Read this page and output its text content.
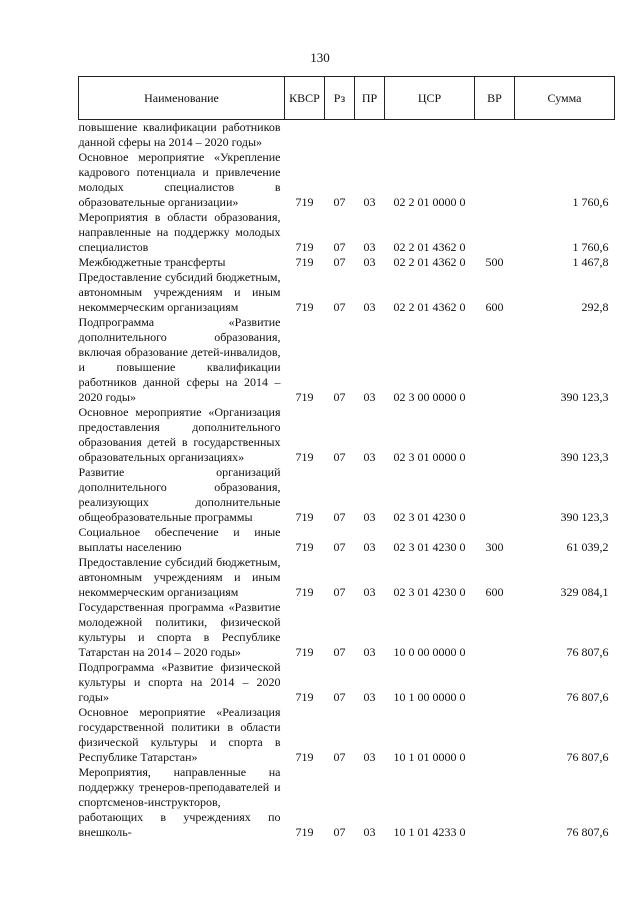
130
Наименование	КВСР	Рз	ПР	ЦСР	ВР	Сумма
повышение квалификации работников данной сферы на 2014 – 2020 годы»						
Основное мероприятие «Укрепление кадрового потенциала и привлечение молодых специалистов в образовательные организации»	719	07	03	02 2 01 0000 0		1 760,6
Мероприятия в области образования, направленные на поддержку молодых специалистов	719	07	03	02 2 01 4362 0		1 760,6
Межбюджетные трансферты	719	07	03	02 2 01 4362 0	500	1 467,8
Предоставление субсидий бюджетным, автономным учреждениям и иным некоммерческим организациям	719	07	03	02 2 01 4362 0	600	292,8
Подпрограмма «Развитие дополнительного образования, включая образование детей-инвалидов, и повышение квалификации работников данной сферы на 2014 – 2020 годы»	719	07	03	02 3 00 0000 0		390 123,3
Основное мероприятие «Организация предоставления дополнительного образования детей в государственных образовательных организациях»	719	07	03	02 3 01 0000 0		390 123,3
Развитие организаций дополнительного образования, реализующих дополнительные общеобразовательные программы	719	07	03	02 3 01 4230 0		390 123,3
Социальное обеспечение и иные выплаты населению	719	07	03	02 3 01 4230 0	300	61 039,2
Предоставление субсидий бюджетным, автономным учреждениям и иным некоммерческим организациям	719	07	03	02 3 01 4230 0	600	329 084,1
Государственная программа «Развитие молодежной политики, физической культуры и спорта в Республике Татарстан на 2014 – 2020 годы»	719	07	03	10 0 00 0000 0		76 807,6
Подпрограмма «Развитие физической культуры и спорта на 2014 – 2020 годы»	719	07	03	10 1 00 0000 0		76 807,6
Основное мероприятие «Реализация государственной политики в области физической культуры и спорта в Республике Татарстан»	719	07	03	10 1 01 0000 0		76 807,6
Мероприятия, направленные на поддержку тренеров-преподавателей и спортсменов-инструкторов, работающих в учреждениях по внешколь-	719	07	03	10 1 01 4233 0		76 807,6
